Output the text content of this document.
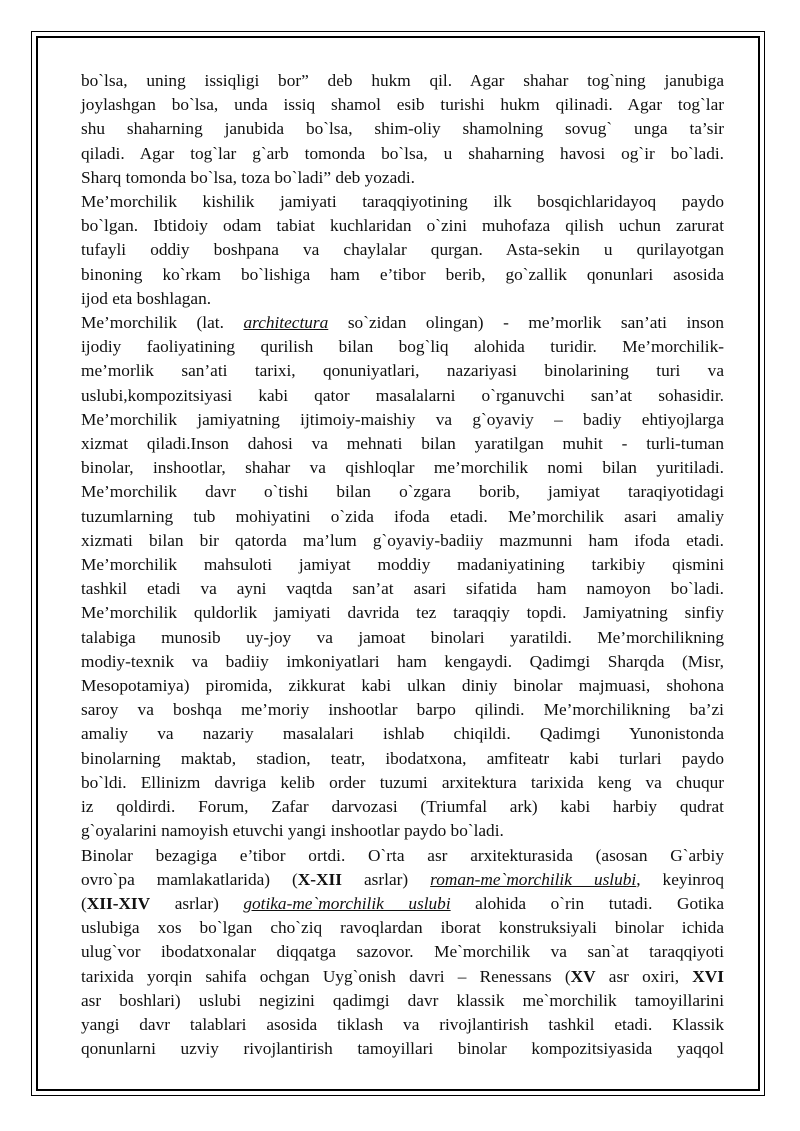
bo`lsa, uning issiqligi bor” deb hukm qil. Agar shahar tog`ning janubiga
joylashgan bo`lsa, unda issiq shamol esib turishi hukm qilinadi. Agar tog`lar
shu shaharning janubida bo`lsa, shim-oliy shamolning sovug` unga ta’sir
qiladi. Agar tog`lar g`arb tomonda bo`lsa, u shaharning havosi og`ir bo`ladi.
Sharq tomonda bo`lsa, toza bo`ladi” deb yozadi.

Me’morchilik kishilik jamiyati taraqqiyotining ilk bosqichlaridayoq paydo
bo`lgan. Ibtidoiy odam tabiat kuchlaridan o`zini muhofaza qilish uchun zarurat
tufayli oddiy boshpana va chaylalar qurgan. Asta-sekin u qurilayotgan
binoning ko`rkam bo`lishiga ham e’tibor berib, go`zallik qonunlari asosida
ijod eta boshlagan.

Me’morchilik (lat. architectura so`zidan olingan) - me’morlik san’ati inson
ijodiy faoliyatining qurilish bilan bog`liq alohida turidir. Me’morchilik-
me’morlik san’ati tarixi, qonuniyatlari, nazariyasi binolarining turi va
uslubi,kompozitsiyasi kabi qator masalalarni o`rganuvchi san’at sohasidir.
Me’morchilik jamiyatning ijtimoiy-maishiy va g`oyaviy – badiy ehtiyojlarga
xizmat qiladi.Inson dahosi va mehnati bilan yaratilgan muhit - turli-tuman
binolar, inshootlar, shahar va qishloqlar me’morchilik nomi bilan yuritiladi.
Me’morchilik davr o`tishi bilan o`zgara borib, jamiyat taraqiyotidagi
tuzumlarning tub mohiyatini o`zida ifoda etadi. Me’morchilik asari amaliy
xizmati bilan bir qatorda ma’lum g`oyaviy-badiiy mazmunni ham ifoda etadi.
Me’morchilik mahsuloti jamiyat moddiy madaniyatining tarkibiy qismini
tashkil etadi va ayni vaqtda san’at asari sifatida ham namoyon bo`ladi.
Me’morchilik quldorlik jamiyati davrida tez taraqqiy topdi. Jamiyatning sinfiy
talabiga munosib uy-joy va jamoat binolari yaratildi. Me’morchilikning
modiy-texnik va badiiy imkoniyatlari ham kengaydi. Qadimgi Sharqda (Misr,
Mesopotamiya) piromida, zikkurat kabi ulkan diniy binolar majmuasi, shohona
saroy va boshqa me’moriy inshootlar barpo qilindi. Me’morchilikning ba’zi
amaliy va nazariy masalalari ishlab chiqildi. Qadimgi Yunonistonda
binolarning maktab, stadion, teatr, ibodatxona, amfiteatr kabi turlari paydo
bo`ldi. Ellinizm davriga kelib order tuzumi arxitektura tarixida keng va chuqur
iz qoldirdi. Forum, Zafar darvozasi (Triumfal ark) kabi harbiy qudrat
g`oyalarini namoyish etuvchi yangi inshootlar paydo bo`ladi.

Binolar bezagiga e’tibor ortdi. O`rta asr arxitekturasida (asosan G`arbiy
ovro`pa mamlakatlarida) (X-XII asrlar) roman-me`morchilik uslubi, keyinroq
(XII-XIV asrlar) gotika-me`morchilik uslubi alohida o`rin tutadi. Gotika
uslubiga xos bo`lgan cho`ziq ravoqlardan iborat konstruksiyali binolar ichida
ulug`vor ibodatxonalar diqqatga sazovor. Me`morchilik va san`at taraqqiyoti
tarixida yorqin sahifa ochgan Uyg`onish davri – Renessans (XV asr oxiri, XVI
asr boshlari) uslubi negizini qadimgi davr klassik me`morchilik tamoyillarini
yangi davr talablari asosida tiklash va rivojlantirish tashkil etadi. Klassik
qonunlarni uzviy rivojlantirish tamoyillari binolar kompozitsiyasida yaqqol
